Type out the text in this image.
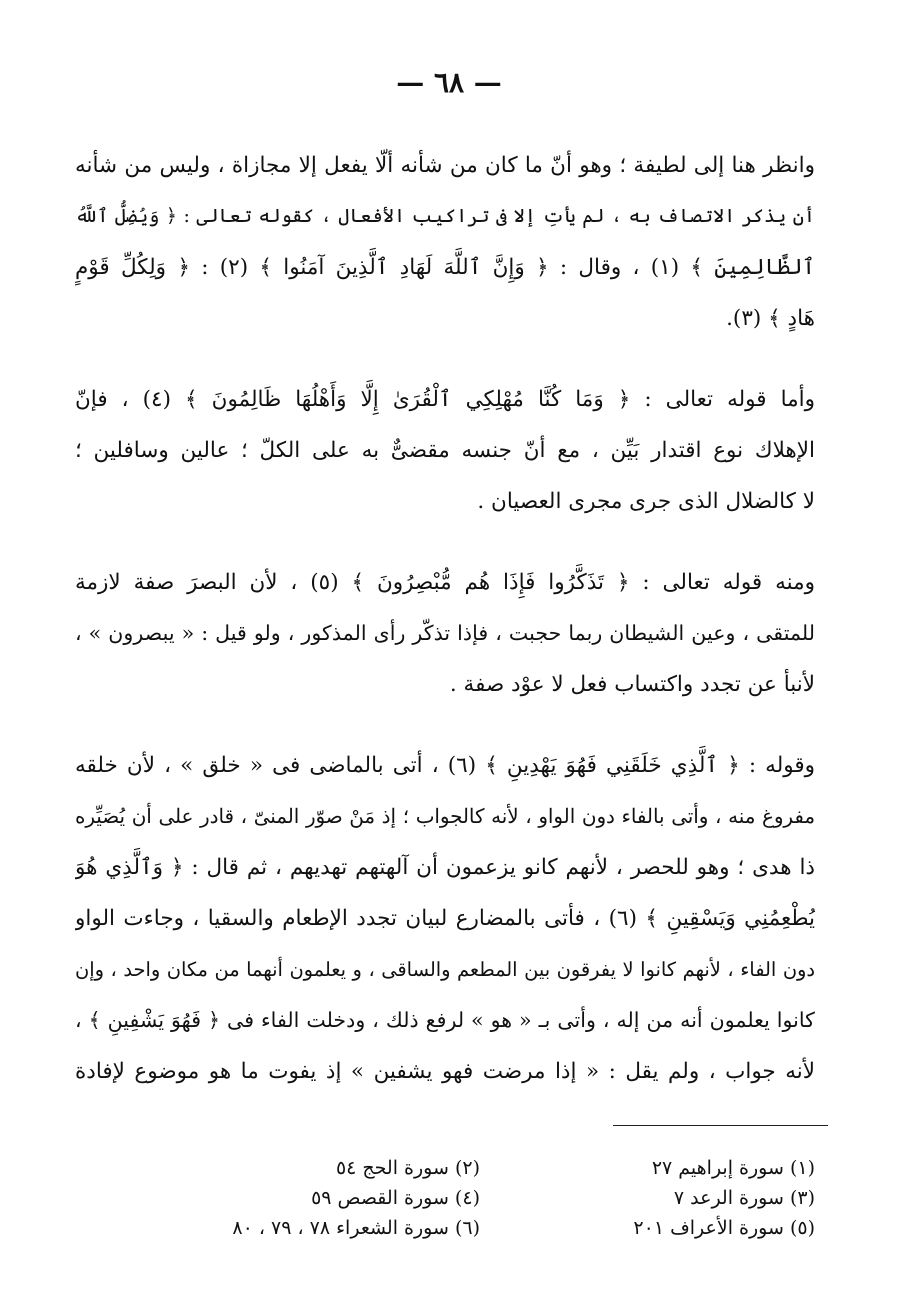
— ٦٨ —
وانظر هنا إلى لطيفة ؛ وهو أنّ ما كان من شأنه ألّا يفعل إلا مجازاة ، وليس من شأنه
أن يذكر الاتصاف به ، لم يأتِ إلا فى تراكيب الأفعال ، كقوله تعالى : ﴿ وَيُضِلُّ ٱللَّهُ
ٱلظَّالِمِينَ ﴾ (١) ، وقال : ﴿ وَإِنَّ ٱللَّهَ لَهَادِ ٱلَّذِينَ آمَنُوا ﴾ (٢) : ﴿ وَلِكُلِّ قَوْمٍ
هَادٍ ﴾ (٣).
وأما قوله تعالى : ﴿ وَمَا كُنَّا مُهْلِكِي ٱلْقُرَىٰ إِلَّا وَأَهْلُهَا ظَالِمُونَ ﴾ (٤) ، فإنّ
الإهلاك نوع اقتدار بَيِّن ، مع أنّ جنسه مقضىٌّ به على الكلّ ؛ عالين وسافلين ؛
لا كالضلال الذى جرى مجرى العصيان .
ومنه قوله تعالى : ﴿ تَذَكَّرُوا فَإِذَا هُم مُّبْصِرُونَ ﴾ (٥) ، لأن البصرَ صفة لازمة
للمتقى ، وعين الشيطان ربما حجبت ، فإذا تذكّر رأى المذكور ، ولو قيل : « يبصرون » ،
لأنبأ عن تجدد واكتساب فعل لا عوْد صفة .
وقوله : ﴿ ٱلَّذِي خَلَقَنِي فَهُوَ يَهْدِينِ ﴾ (٦) ، أتى بالماضى فى « خلق » ، لأن خلقه
مفروغ منه ، وأتى بالفاء دون الواو ، لأنه كالجواب ؛ إذ مَنْ صوّر المنىّ ، قادر على أن يُصَيِّره
ذا هدى ؛ وهو للحصر ، لأنهم كانو يزعمون أن آلهتهم تهديهم ، ثم قال : ﴿ وَٱلَّذِي هُوَ
يُطْعِمُنِي وَيَسْقِينِ ﴾ (٦) ، فأتى بالمضارع لبيان تجدد الإطعام والسقيا ، وجاءت الواو
دون الفاء ، لأنهم كانوا لا يفرقون بين المطعم والساقى ، و يعلمون أنهما من مكان واحد ، وإن
كانوا يعلمون أنه من إله ، وأتى بـ « هو » لرفع ذلك ، ودخلت الفاء فى ﴿ فَهُوَ يَشْفِينِ ﴾ ،
لأنه جواب ، ولم يقل : « إذا مرضت فهو يشفين » إذ يفوت ما هو موضوع لإفادة
(١) سورة إبراهيم ٢٧
(٢) سورة الحج ٥٤
(٣) سورة الرعد ٧
(٤) سورة القصص ٥٩
(٥) سورة الأعراف ٢٠١
(٦) سورة الشعراء ٧٨ ، ٧٩ ، ٨٠
